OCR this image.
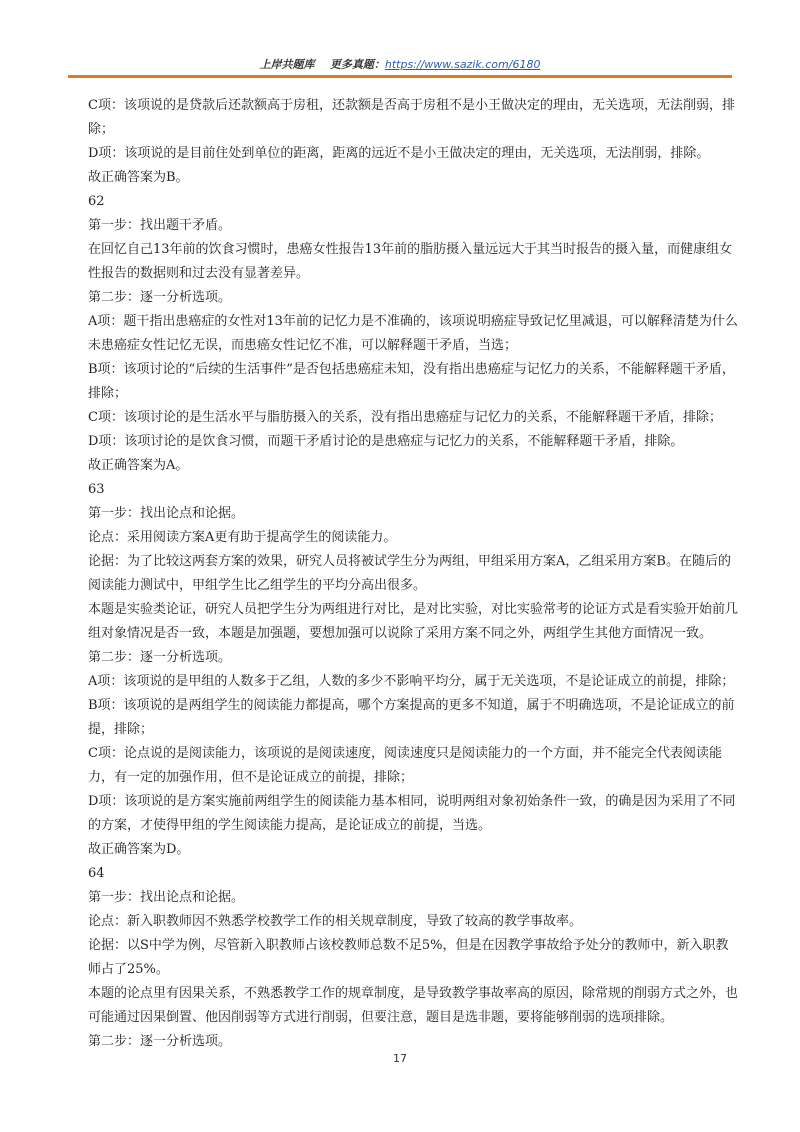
上岸共题库 更多真题：https://www.sazik.com/6180

C项：该项说的是贷款后还款额高于房租，还款额是否高于房租不是小王做决定的理由，无关选项，无法削弱，排除；

D项：该项说的是目前住处到单位的距离，距离的远近不是小王做决定的理由，无关选项，无法削弱，排除。

故正确答案为B。

62

第一步：找出题干矛盾。

在回忆自己13年前的饮食习惯时，患癌女性报告13年前的脂肪摄入量远远大于其当时报告的摄入量，而健康组女性报告的数据则和过去没有显著差异。

第二步：逐一分析选项。

A项：题干指出患癌症的女性对13年前的记忆力是不准确的，该项说明癌症导致记忆里减退，可以解释清楚为什么未患癌症女性记忆无误，而患癌女性记忆不准，可以解释题干矛盾，当选；

B项：该项讨论的“后续的生活事件”是否包括患癌症未知，没有指出患癌症与记忆力的关系，不能解释题干矛盾，排除；

C项：该项讨论的是生活水平与脂肪摄入的关系，没有指出患癌症与记忆力的关系，不能解释题干矛盾，排除；

D项：该项讨论的是饮食习惯，而题干矛盾讨论的是患癌症与记忆力的关系，不能解释题干矛盾，排除。

故正确答案为A。

63

第一步：找出论点和论据。

论点：采用阅读方案A更有助于提高学生的阅读能力。

论据：为了比较这两套方案的效果，研究人员将被试学生分为两组，甲组采用方案A，乙组采用方案B。在随后的阅读能力测试中，甲组学生比乙组学生的平均分高出很多。

本题是实验类论证，研究人员把学生分为两组进行对比，是对比实验，对比实验常考的论证方式是看实验开始前几组对象情况是否一致，本题是加强题，要想加强可以说除了采用方案不同之外，两组学生其他方面情况一致。

第二步：逐一分析选项。

A项：该项说的是甲组的人数多于乙组，人数的多少不影响平均分，属于无关选项，不是论证成立的前提，排除；

B项：该项说的是两组学生的阅读能力都提高，哪个方案提高的更多不知道，属于不明确选项，不是论证成立的前提，排除；

C项：论点说的是阅读能力，该项说的是阅读速度，阅读速度只是阅读能力的一个方面，并不能完全代表阅读能力，有一定的加强作用，但不是论证成立的前提，排除；

D项：该项说的是方案实施前两组学生的阅读能力基本相同，说明两组对象初始条件一致，的确是因为采用了不同的方案，才使得甲组的学生阅读能力提高，是论证成立的前提，当选。

故正确答案为D。

64

第一步：找出论点和论据。

论点：新入职教师因不熟悉学校教学工作的相关规章制度，导致了较高的教学事故率。

论据：以S中学为例，尽管新入职教师占该校教师总数不足5%，但是在因教学事故给予处分的教师中，新入职教师占了25%。

本题的论点里有因果关系，不熟悉教学工作的规章制度，是导致教学事故率高的原因，除常规的削弱方式之外，也可能通过因果倒置、他因削弱等方式进行削弱，但要注意，题目是选非题，要将能够削弱的选项排除。

第二步：逐一分析选项。

17
